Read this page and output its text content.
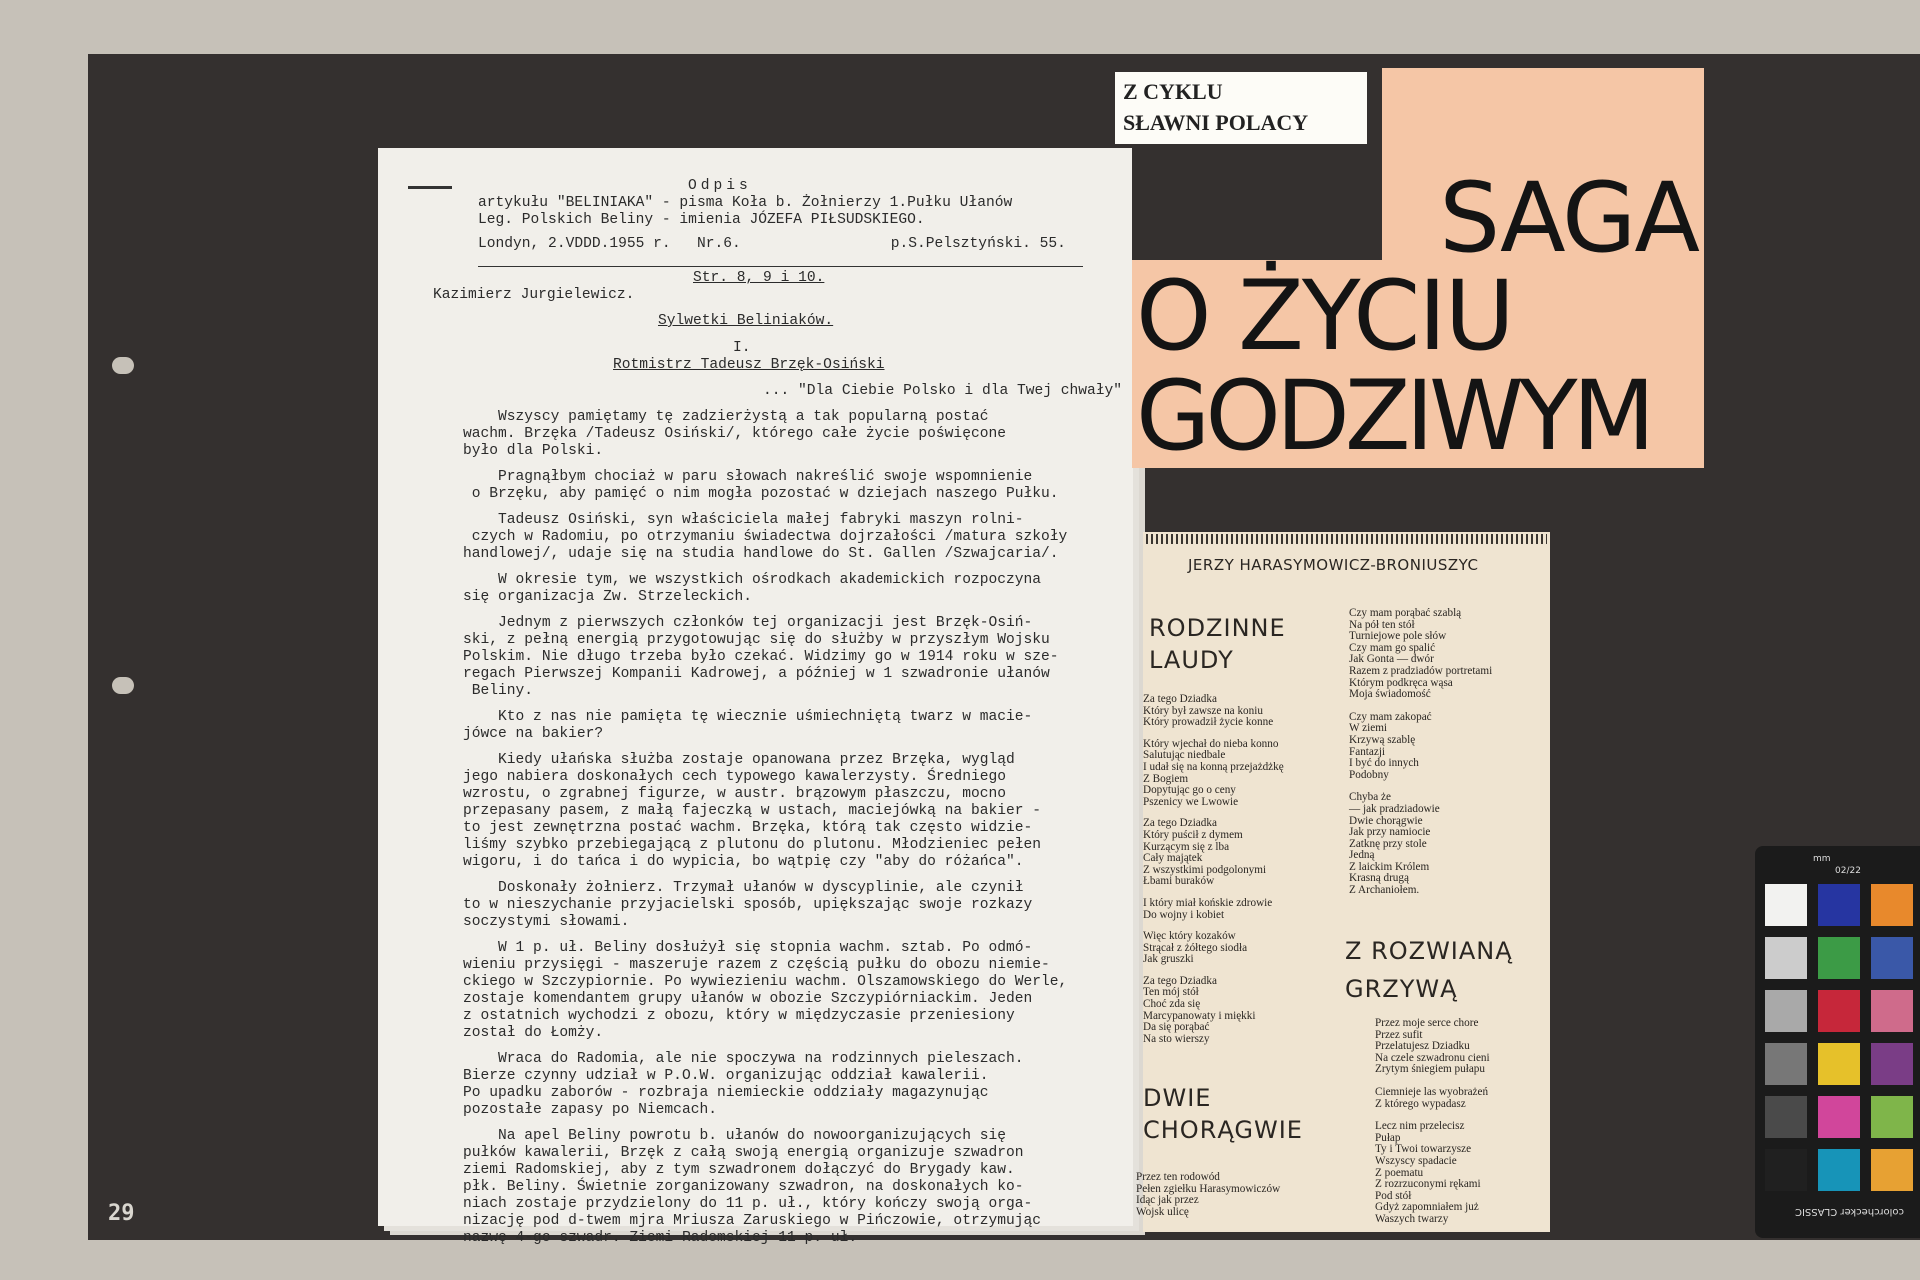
29

Odpis

artykułu "BELINIAKA" - pisma Koła b. Żołnierzy 1.Pułku Ułanów

Leg. Polskich Beliny - imienia JÓZEFA PIŁSUDSKIEGO.

Londyn, 2.VDDD.1955 r.   Nr.6.	p.S.Pelsztyński. 55.

Str. 8, 9 i 10.

Kazimierz Jurgielewicz.

Sylwetki Beliniaków.

I.

Rotmistrz Tadeusz Brzęk-Osiński

... "Dla Ciebie Polsko i dla Twej chwały"

Wszyscy pamiętamy tę zadzierżystą a tak popularną postać
wachm. Brzęka /Tadeusz Osiński/, którego całe życie poświęcone
było dla Polski.

Pragnąłbym chociaż w paru słowach nakreślić swoje wspomnienie
o Brzęku, aby pamięć o nim mogła pozostać w dziejach naszego Pułku.

Tadeusz Osiński, syn właściciela małej fabryki maszyn rolni-
czych w Radomiu, po otrzymaniu świadectwa dojrzałości /matura szkoły
handlowej/, udaje się na studia handlowe do St. Gallen /Szwajcaria/.

W okresie tym, we wszystkich ośrodkach akademickich rozpoczyna
się organizacja Zw. Strzeleckich.

Jednym z pierwszych członków tej organizacji jest Brzęk-Osiń-
ski, z pełną energią przygotowując się do służby w przyszłym Wojsku
Polskim. Nie długo trzeba było czekać. Widzimy go w 1914 roku w sze-
regach Pierwszej Kompanii Kadrowej, a później w 1 szwadronie ułanów
Beliny.

Kto z nas nie pamięta tę wiecznie uśmiechniętą twarz w macie-
jówce na bakier?

Kiedy ułańska służba zostaje opanowana przez Brzęka, wygląd
jego nabiera doskonałych cech typowego kawalerzysty. Średniego
wzrostu, o zgrabnej figurze, w austr. brązowym płaszczu, mocno
przepasany pasem, z małą fajeczką w ustach, maciejówką na bakier -
to jest zewnętrzna postać wachm. Brzęka, którą tak często widzie-
liśmy szybko przebiegającą z plutonu do plutonu. Młodzieniec pełen
wigoru, i do tańca i do wypicia, bo wątpię czy "aby do różańca".

Doskonały żołnierz. Trzymał ułanów w dyscyplinie, ale czynił
to w nieszychanie przyjacielski sposób, upiększając swoje rozkazy
soczystymi słowami.

W 1 p. uł. Beliny dosłużył się stopnia wachm. sztab. Po odmó-
wieniu przysięgi - maszeruje razem z częścią pułku do obozu niemie-
ckiego w Szczypiornie. Po wywiezieniu wachm. Olszamowskiego do Werle,
zostaje komendantem grupy ułanów w obozie Szczypiórniackim. Jeden
z ostatnich wychodzi z obozu, który w międzyczasie przeniesiony
został do Łomży.

Wraca do Radomia, ale nie spoczywa na rodzinnych pieleszach.
Bierze czynny udział w P.O.W. organizując oddział kawalerii.
Po upadku zaborów - rozbraja niemieckie oddziały magazynując
pozostałe zapasy po Niemcach.

Na apel Beliny powrotu b. ułanów do nowoorganizujących się
pułków kawalerii, Brzęk z całą swoją energią organizuje szwadron
ziemi Radomskiej, aby z tym szwadronem dołączyć do Brygady kaw.
płk. Beliny. Świetnie zorganizowany szwadron, na doskonałych ko-
niach zostaje przydzielony do 11 p. uł., który kończy swoją orga-
nizację pod d-twem mjra Mriusza Zaruskiego w Pińczowie, otrzymując
nazwę 4-go szwadr. Ziemi Radomskiej 11 p. uł.

SAGA
O ŻYCIU
GODZIWYM
Z CYKLU
SŁAWNI POLACY
JERZY HARASYMOWICZ-BRONIUSZYC
RODZINNE
LAUDY
DWIE
CHORĄGWIE
Z ROZWIANĄ
GRZYWĄ
Za tego Dziadka
Który był zawsze na koniu
Który prowadził życie konne
Który wjechał do nieba konno
Salutując niedbale
I udał się na konną przejażdżkę
Z Bogiem
Dopytując go o ceny
Pszenicy we Lwowie
Za tego Dziadka
Który puścił z dymem
Kurzącym się z lba
Cały majątek
Z wszystkimi podgolonymi
Łbami buraków
I który miał końskie zdrowie
Do wojny i kobiet
Więc który kozaków
Strącał z żółtego siodła
Jak gruszki
Za tego Dziadka
Ten mój stół
Choć zda się
Marcypanowaty i miękki
Da się porąbać
Na sto wierszy
Przez ten rodowód
Pełen zgiełku Harasymowiczów
Idąc jak przez
Wojsk ulicę
Czy mam porąbać szablą
Na pół ten stół
Turniejowe pole słów
Czy mam go spalić
Jak Gonta — dwór
Razem z pradziadów portretami
Którym podkręca wąsa
Moja świadomość
Czy mam zakopać
W ziemi
Krzywą szablę
Fantazji
I być do innych
Podobny
Chyba że
— jak pradziadowie
Dwie chorągwie
Jak przy namiocie
Zatknę przy stole
Jedną
Z laickim Królem
Krasną drugą
Z Archaniołem.
Przez moje serce chore
Przez sufit
Przelatujesz Dziadku
Na czele szwadronu cieni
Zrytym śniegiem pułapu
Ciemnieje las wyobrażeń
Z którego wypadasz
Lecz nim przelecisz
Pułap
Ty i Twoi towarzysze
Wszyscy spadacie
Z poematu
Z rozrzuconymi rękami
Pod stół
Gdyż zapomniałem już
Waszych twarzy
mm
02/22
colorchecker CLASSIC
